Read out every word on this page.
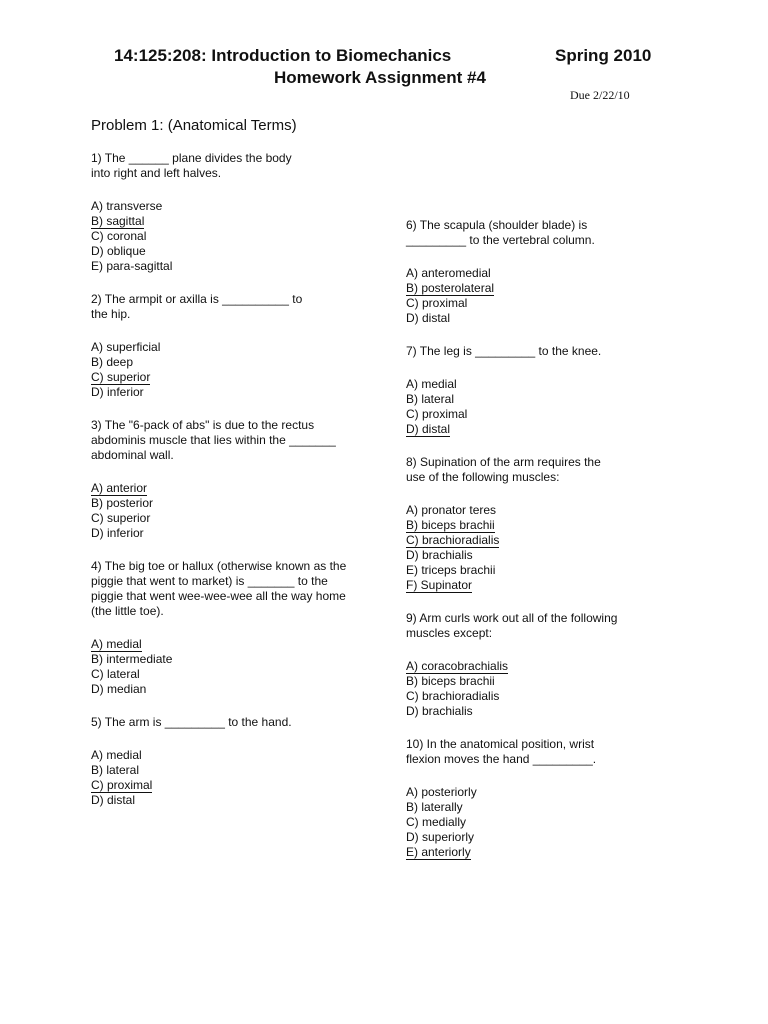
14:125:208: Introduction to Biomechanics	Spring 2010
Homework Assignment #4
Due 2/22/10
Problem 1: (Anatomical Terms)
1) The ______ plane divides the body
into right and left halves.
A) transverse
B) sagittal
C) coronal
D) oblique
E) para-sagittal
2) The armpit or axilla is __________ to
the hip.
A) superficial
B) deep
C) superior
D) inferior
3) The "6-pack of abs" is due to the rectus
abdominis muscle that lies within the _______
abdominal wall.
A) anterior
B) posterior
C) superior
D) inferior
4) The big toe or hallux (otherwise known as the
piggie that went to market) is _______ to the
piggie that went wee-wee-wee all the way home
(the little toe).
A) medial
B) intermediate
C) lateral
D) median
5) The arm is _________ to the hand.
A) medial
B) lateral
C) proximal
D) distal
6) The scapula (shoulder blade) is
_________ to the vertebral column.
A) anteromedial
B) posterolateral
C) proximal
D) distal
7) The leg is _________ to the knee.
A) medial
B) lateral
C) proximal
D) distal
8) Supination of the arm requires the
use of the following muscles:
A) pronator teres
B) biceps brachii
C) brachioradialis
D) brachialis
E) triceps brachii
F) Supinator
9) Arm curls work out all of the following
muscles except:
A) coracobrachialis
B) biceps brachii
C) brachioradialis
D) brachialis
10) In the anatomical position, wrist
flexion moves the hand _________.
A) posteriorly
B) laterally
C) medially
D) superiorly
E) anteriorly
